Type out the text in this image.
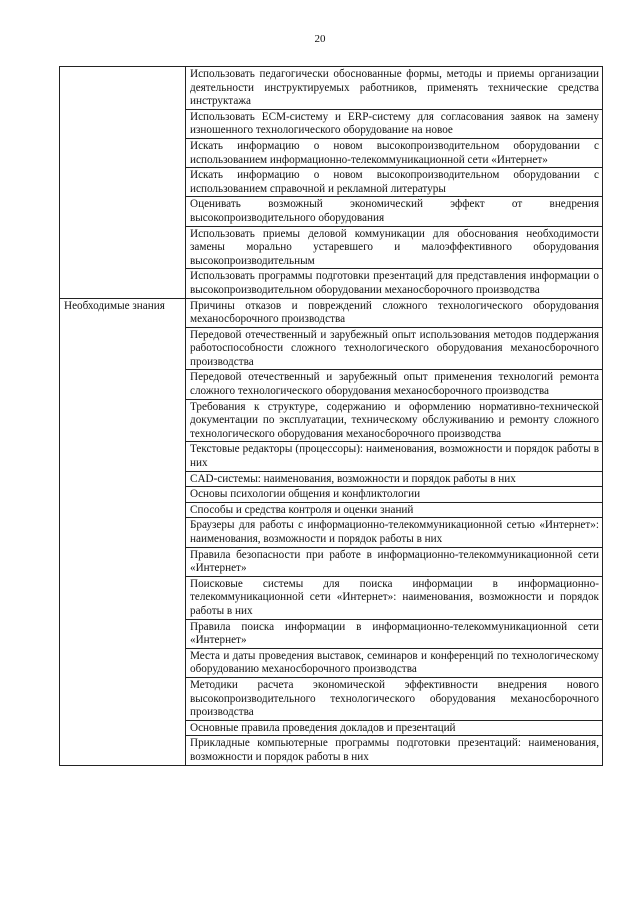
20
	Использовать педагогически обоснованные формы, методы и приемы организации деятельности инструктируемых работников, применять технические средства инструктажа
	Использовать ECM-систему и ERP-систему для согласования заявок на замену изношенного технологического оборудование на новое
	Искать информацию о новом высокопроизводительном оборудовании с использованием информационно-телекоммуникационной сети «Интернет»
	Искать информацию о новом высокопроизводительном оборудовании с использованием справочной и рекламной литературы
	Оценивать возможный экономический эффект от внедрения высокопроизводительного оборудования
	Использовать приемы деловой коммуникации для обоснования необходимости замены морально устаревшего и малоэффективного оборудования высокопроизводительным
	Использовать программы подготовки презентаций для представления информации о высокопроизводительном оборудовании механосборочного производства
Необходимые знания	Причины отказов и повреждений сложного технологического оборудования механосборочного производства
	Передовой отечественный и зарубежный опыт использования методов поддержания работоспособности сложного технологического оборудования механосборочного производства
	Передовой отечественный и зарубежный опыт применения технологий ремонта сложного технологического оборудования механосборочного производства
	Требования к структуре, содержанию и оформлению нормативно-технической документации по эксплуатации, техническому обслуживанию и ремонту сложного технологического оборудования механосборочного производства
	Текстовые редакторы (процессоры): наименования, возможности и порядок работы в них
	CAD-системы: наименования, возможности и порядок работы в них
	Основы психологии общения и конфликтологии
	Способы и средства контроля и оценки знаний
	Браузеры для работы с информационно-телекоммуникационной сетью «Интернет»: наименования, возможности и порядок работы в них
	Правила безопасности при работе в информационно-телекоммуникационной сети «Интернет»
	Поисковые системы для поиска информации в информационно-телекоммуникационной сети «Интернет»: наименования, возможности и порядок работы в них
	Правила поиска информации в информационно-телекоммуникационной сети «Интернет»
	Места и даты проведения выставок, семинаров и конференций по технологическому оборудованию механосборочного производства
	Методики расчета экономической эффективности внедрения нового высокопроизводительного технологического оборудования механосборочного производства
	Основные правила проведения докладов и презентаций
	Прикладные компьютерные программы подготовки презентаций: наименования, возможности и порядок работы в них
